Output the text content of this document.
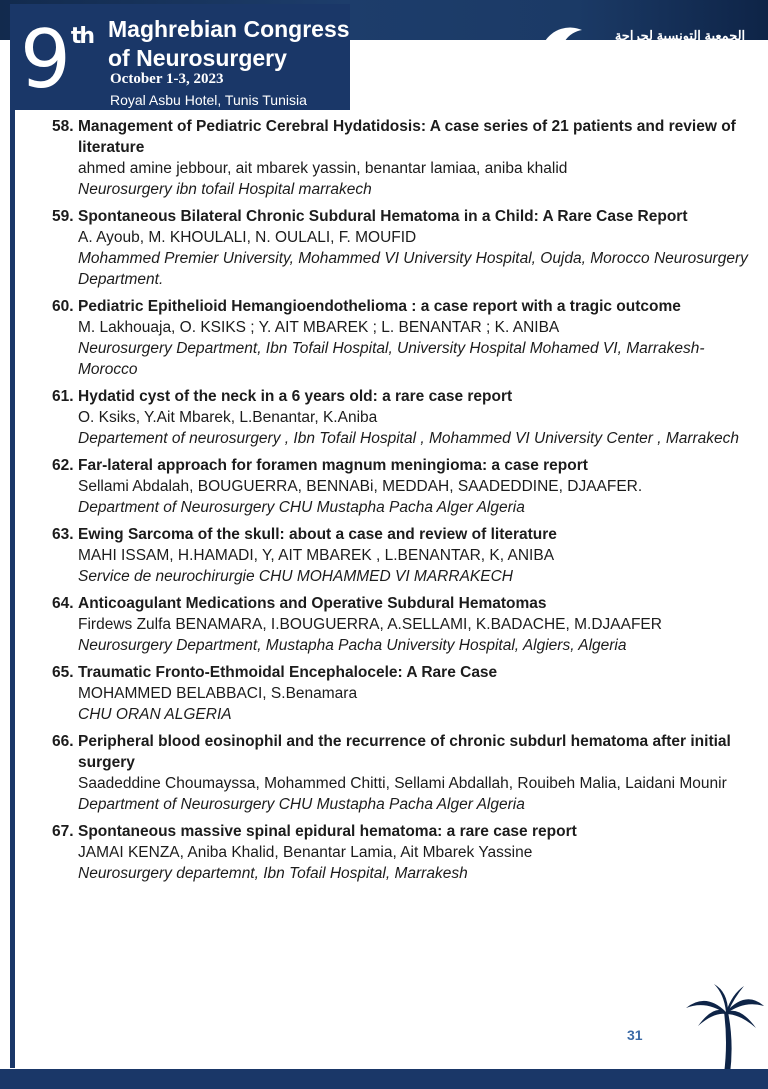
9th Maghrebian Congress
of Neurosurgery
October 1-3, 2023
Royal Asbu Hotel, Tunis Tunisia
الجمعية التونسية لجراحة
الجهاز العصبي
SOCIÉTÉ TUNISIENNE DE
NEUROCHIRURGIE
58. Management of Pediatric Cerebral Hydatidosis: A case series of 21 patients and review of literature
ahmed amine jebbour, ait mbarek yassin, benantar lamiaa, aniba khalid
Neurosurgery ibn tofail Hospital marrakech
59. Spontaneous Bilateral Chronic Subdural Hematoma in a Child: A Rare Case Report
A. Ayoub, M. KHOULALI, N. OULALI, F. MOUFID
Mohammed Premier University, Mohammed VI University Hospital, Oujda, Morocco Neurosurgery Department.
60. Pediatric Epithelioid Hemangioendothelioma : a case report with a tragic outcome
M. Lakhouaja, O. KSIKS ; Y. AIT MBAREK ; L. BENANTAR ; K. ANIBA
Neurosurgery Department, Ibn Tofail Hospital, University Hospital Mohamed VI, Marrakesh-Morocco
61. Hydatid cyst of the neck in a 6 years old: a rare case report
O. Ksiks, Y.Ait Mbarek, L.Benantar, K.Aniba
Departement of neurosurgery , Ibn Tofail Hospital , Mohammed VI University Center , Marrakech
62. Far-lateral approach for foramen magnum meningioma: a case report
Sellami Abdalah, BOUGUERRA, BENNABi, MEDDAH, SAADEDDINE, DJAAFER.
Department of Neurosurgery CHU Mustapha Pacha Alger Algeria
63. Ewing Sarcoma of the skull: about a case and review of literature
MAHI ISSAM, H.HAMADI, Y, AIT MBAREK , L.BENANTAR, K, ANIBA
Service de neurochirurgie CHU MOHAMMED VI MARRAKECH
64. Anticoagulant Medications and Operative Subdural Hematomas
Firdews Zulfa BENAMARA, I.BOUGUERRA, A.SELLAMI, K.BADACHE, M.DJAAFER
Neurosurgery Department, Mustapha Pacha University Hospital, Algiers, Algeria
65. Traumatic Fronto-Ethmoidal Encephalocele: A Rare Case
MOHAMMED BELABBACI, S.Benamara
CHU ORAN ALGERIA
66. Peripheral blood eosinophil and the recurrence of chronic subdurl hematoma after initial surgery
Saadeddine Choumayssa, Mohammed Chitti, Sellami Abdallah, Rouibeh Malia, Laidani Mounir
Department of Neurosurgery CHU Mustapha Pacha Alger Algeria
67. Spontaneous massive spinal epidural hematoma: a rare case report
JAMAI KENZA, Aniba Khalid, Benantar Lamia, Ait Mbarek Yassine
Neurosurgery departemnt, Ibn Tofail Hospital, Marrakesh
31
